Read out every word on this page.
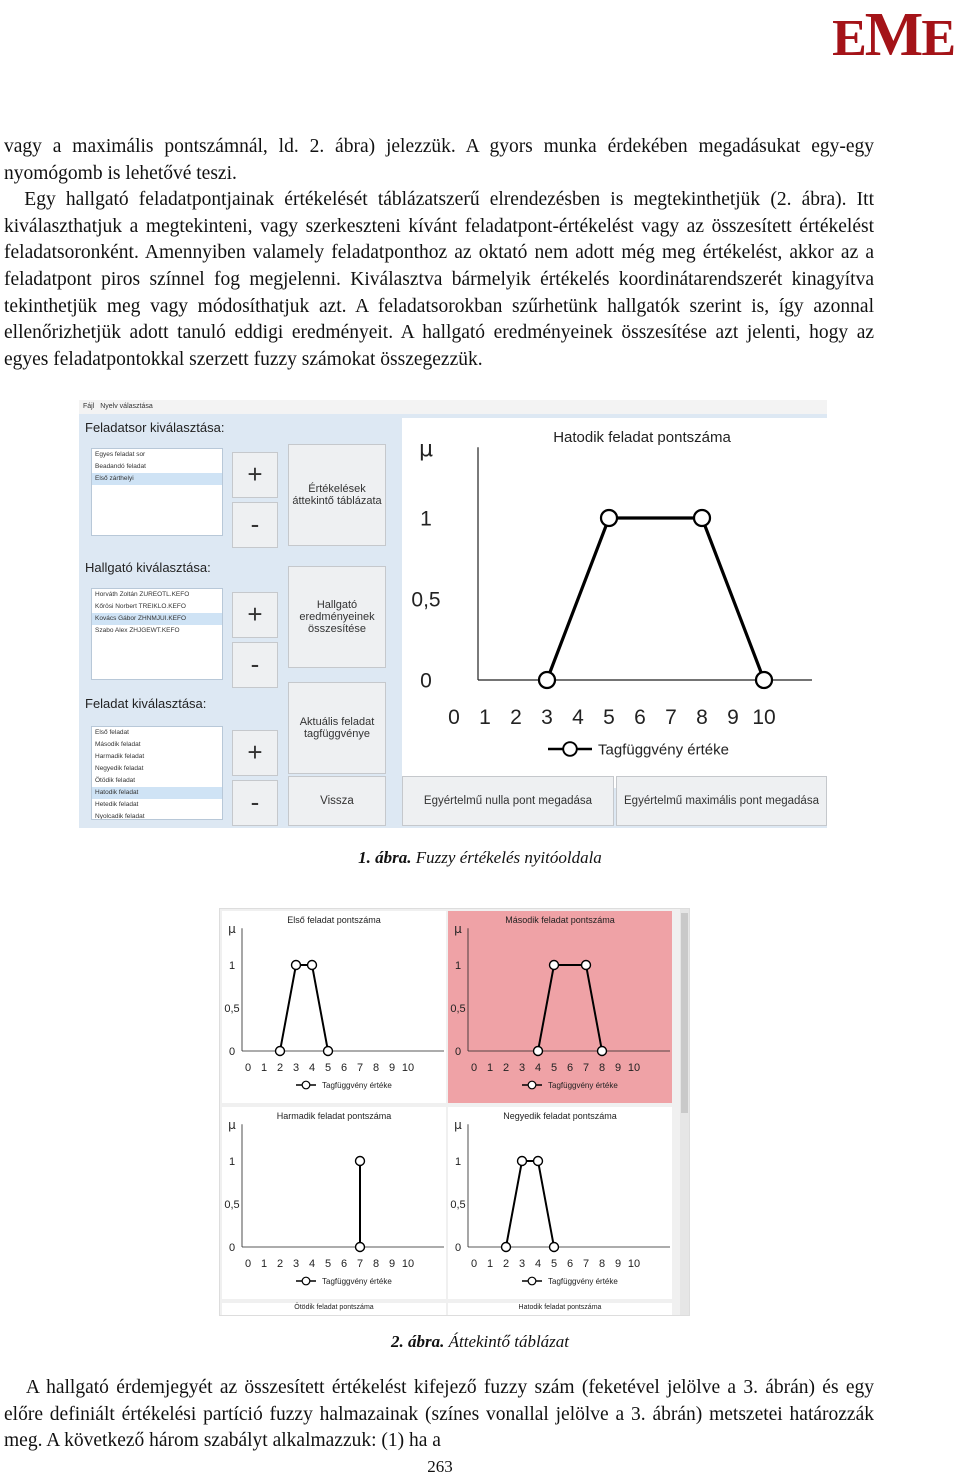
EME

vagy a maximális pontszámnál, ld. 2. ábra) jelezzük. A gyors munka érdekében megadásukat egy-egy nyomógomb is lehetővé teszi.

Egy hallgató feladatpontjainak értékelését táblázatszerű elrendezésben is megtekinthetjük (2. ábra). Itt kiválaszthatjuk a megtekinteni, vagy szerkeszteni kívánt feladatpont-értékelést vagy az összesített értékelést feladatsoronként. Amennyiben valamely feladatponthoz az oktató nem adott még meg értékelést, akkor az a feladatpont piros színnel fog megjelenni. Kiválasztva bármelyik értékelés koordinátarendszerét kinagyítva tekinthetjük meg vagy módosíthatjuk azt. A feladatsorokban szűrhetünk hallgatók szerint is, így azonnal ellenőrizhetjük adott tanuló eddigi eredményeit. A hallgató eredményeinek összesítése azt jelenti, hogy az egyes feladatpontokkal szerzett fuzzy számokat összegezzük.

Fájl Nyelv választása
Feladatsor kiválasztása:
Egyes feladat sor
Beadandó feladat
Első zárthelyi	+
-
Értékelések áttekintő táblázata
Hallgató kiválasztása:
Horváth Zoltán ZUREOTL.KEFO
Kőrösi Norbert TREIKLO.KEFO
Kovács Gábor ZHNMJUI.KEFO
Szabo Alex ZHJGEWT.KEFO
+
-
Hallgató eredményeinek összesítése
Feladat kiválasztása:
Első feladat
Második feladat
Harmadik feladat
Negyedik feladat
Ötödik feladat
Hatodik feladat
Hetedik feladat
Nyolcadik feladat
+
-
Aktuális feladat tagfüggvénye
Hatodik feladat pontszáma
μ
1
0,5
0
0 1 2 3 4 5 6 7 8 9 10
Tagfüggvény értéke
Vissza	Egyértelmű nulla pont megadása	Egyértelmű maximális pont megadása
1. ábra. Fuzzy értékelés nyitóoldala
Első feladat pontszáma
μ
1
0,5
0
0 1 2 3 4 5 6 7 8 9 10
Tagfüggvény értéke
Második feladat pontszáma
μ
1
0,5
0
0 1 2 3 4 5 6 7 8 9 10
Tagfüggvény értéke
Harmadik feladat pontszáma
μ
1
0,5
0
0 1 2 3 4 5 6 7 8 9 10
Tagfüggvény értéke
Negyedik feladat pontszáma
μ
1
0,5
0
0 1 2 3 4 5 6 7 8 9 10
Tagfüggvény értéke
Ötödik feladat pontszáma	Hatodik feladat pontszáma
2. ábra. Áttekintő táblázat
A hallgató érdemjegyét az összesített értékelést kifejező fuzzy szám (feketével jelölve a 3. ábrán) és egy előre definiált értékelési partíció fuzzy halmazainak (színes vonallal jelölve a 3. ábrán) metszetei határozzák meg. A következő három szabályt alkalmazzuk: (1) ha a
263
